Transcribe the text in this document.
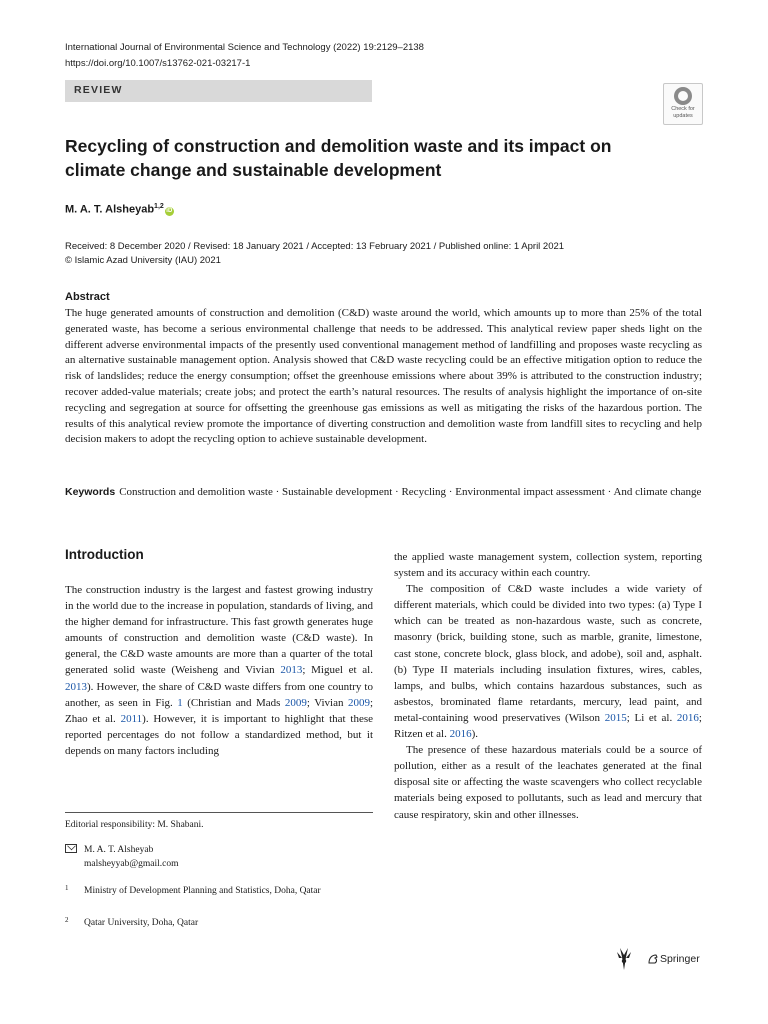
International Journal of Environmental Science and Technology (2022) 19:2129–2138
https://doi.org/10.1007/s13762-021-03217-1
REVIEW
Check for
updates
Recycling of construction and demolition waste and its impact on climate change and sustainable development
M. A. T. Alsheyab$^{1,2}$iD
Received: 8 December 2020 / Revised: 18 January 2021 / Accepted: 13 February 2021 / Published online: 1 April 2021
© Islamic Azad University (IAU) 2021
Abstract
The huge generated amounts of construction and demolition (C&D) waste around the world, which amounts up to more than 25% of the total generated waste, has become a serious environmental challenge that needs to be addressed. This analytical review paper sheds light on the different adverse environmental impacts of the presently used conventional management method of landfilling and proposes waste recycling as an alternative sustainable management option. Analysis showed that C&D waste recycling could be an effective mitigation option to reduce the risk of landslides; reduce the energy consumption; offset the greenhouse emissions where about 39% is attributed to the construction industry; recover added-value materials; create jobs; and protect the earth’s natural resources. The results of analysis highlight the importance of on-site recycling and segregation at source for offsetting the greenhouse gas emissions as well as mitigating the risks of the hazardous portion. The results of this analytical review promote the importance of diverting construction and demolition waste from landfill sites to recycling and help decision makers to adopt the recycling option to achieve sustainable development.
Keywords Construction and demolition waste · Sustainable development · Recycling · Environmental impact assessment · And climate change
Introduction
The construction industry is the largest and fastest growing industry in the world due to the increase in population, standards of living, and the higher demand for infrastructure. This fast growth generates huge amounts of construction and demolition waste (C&D waste). In general, the C&D waste amounts are more than a quarter of the total generated solid waste (Weisheng and Vivian 2013; Miguel et al. 2013). However, the share of C&D waste differs from one country to another, as seen in Fig. 1 (Christian and Mads 2009; Vivian 2009; Zhao et al. 2011). However, it is important to highlight that these reported percentages do not follow a standardized method, but it depends on many factors including

the applied waste management system, collection system, reporting system and its accuracy within each country.

The composition of C&D waste includes a wide variety of different materials, which could be divided into two types: (a) Type I which can be treated as non-hazardous waste, such as concrete, masonry (brick, building stone, such as marble, granite, limestone, cast stone, concrete block, glass block, and adobe), soil and, asphalt. (b) Type II materials including insulation fixtures, wires, cables, lamps, and bulbs, which contains hazardous substances, such as asbestos, brominated flame retardants, mercury, lead paint, and metal-containing wood preservatives (Wilson 2015; Li et al. 2016; Ritzen et al. 2016).

The presence of these hazardous materials could be a source of pollution, either as a result of the leachates generated at the final disposal site or affecting the waste scavengers who collect recyclable materials being exposed to pollutants, such as lead and mercury that cause respiratory, skin and other illnesses.

Editorial responsibility: M. Shabani.
M. A. T. Alsheyab
malsheyyab@gmail.com
1 Ministry of Development Planning and Statistics, Doha, Qatar
2 Qatar University, Doha, Qatar
Springer
